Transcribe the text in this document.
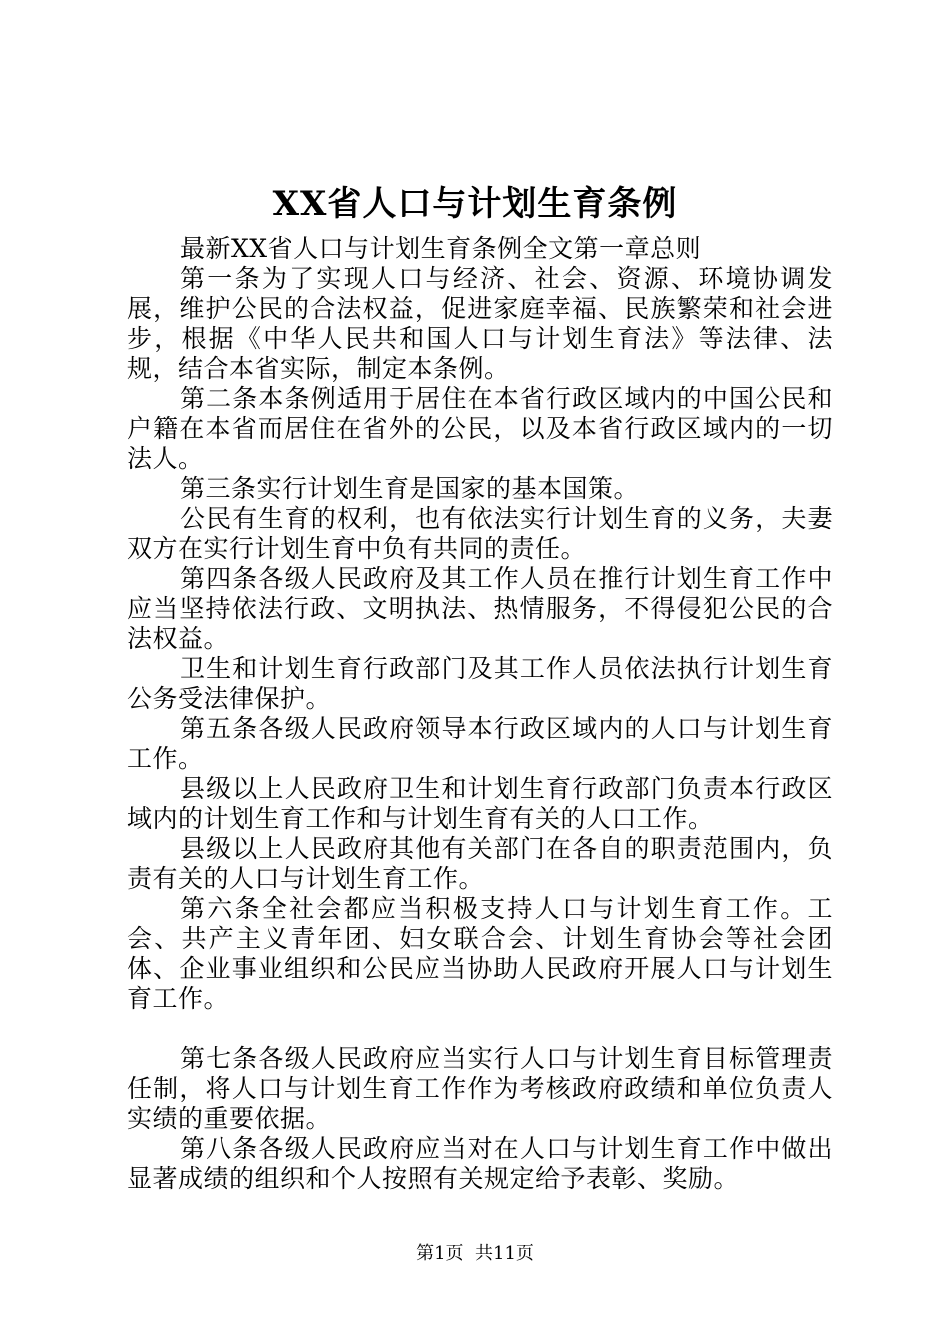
XX省人口与计划生育条例

最新XX省人口与计划生育条例全文第一章总则

第一条为了实现人口与经济、社会、资源、环境协调发展，维护公民的合法权益，促进家庭幸福、民族繁荣和社会进步，根据《中华人民共和国人口与计划生育法》等法律、法规，结合本省实际，制定本条例。

第二条本条例适用于居住在本省行政区域内的中国公民和户籍在本省而居住在省外的公民，以及本省行政区域内的一切法人。

第三条实行计划生育是国家的基本国策。

公民有生育的权利，也有依法实行计划生育的义务，夫妻双方在实行计划生育中负有共同的责任。

第四条各级人民政府及其工作人员在推行计划生育工作中应当坚持依法行政、文明执法、热情服务，不得侵犯公民的合法权益。

卫生和计划生育行政部门及其工作人员依法执行计划生育公务受法律保护。

第五条各级人民政府领导本行政区域内的人口与计划生育工作。

县级以上人民政府卫生和计划生育行政部门负责本行政区域内的计划生育工作和与计划生育有关的人口工作。

县级以上人民政府其他有关部门在各自的职责范围内，负责有关的人口与计划生育工作。

第六条全社会都应当积极支持人口与计划生育工作。工会、共产主义青年团、妇女联合会、计划生育协会等社会团体、企业事业组织和公民应当协助人民政府开展人口与计划生育工作。

第七条各级人民政府应当实行人口与计划生育目标管理责任制，将人口与计划生育工作作为考核政府政绩和单位负责人实绩的重要依据。

第八条各级人民政府应当对在人口与计划生育工作中做出显著成绩的组织和个人按照有关规定给予表彰、奖励。

第1页  共11页
